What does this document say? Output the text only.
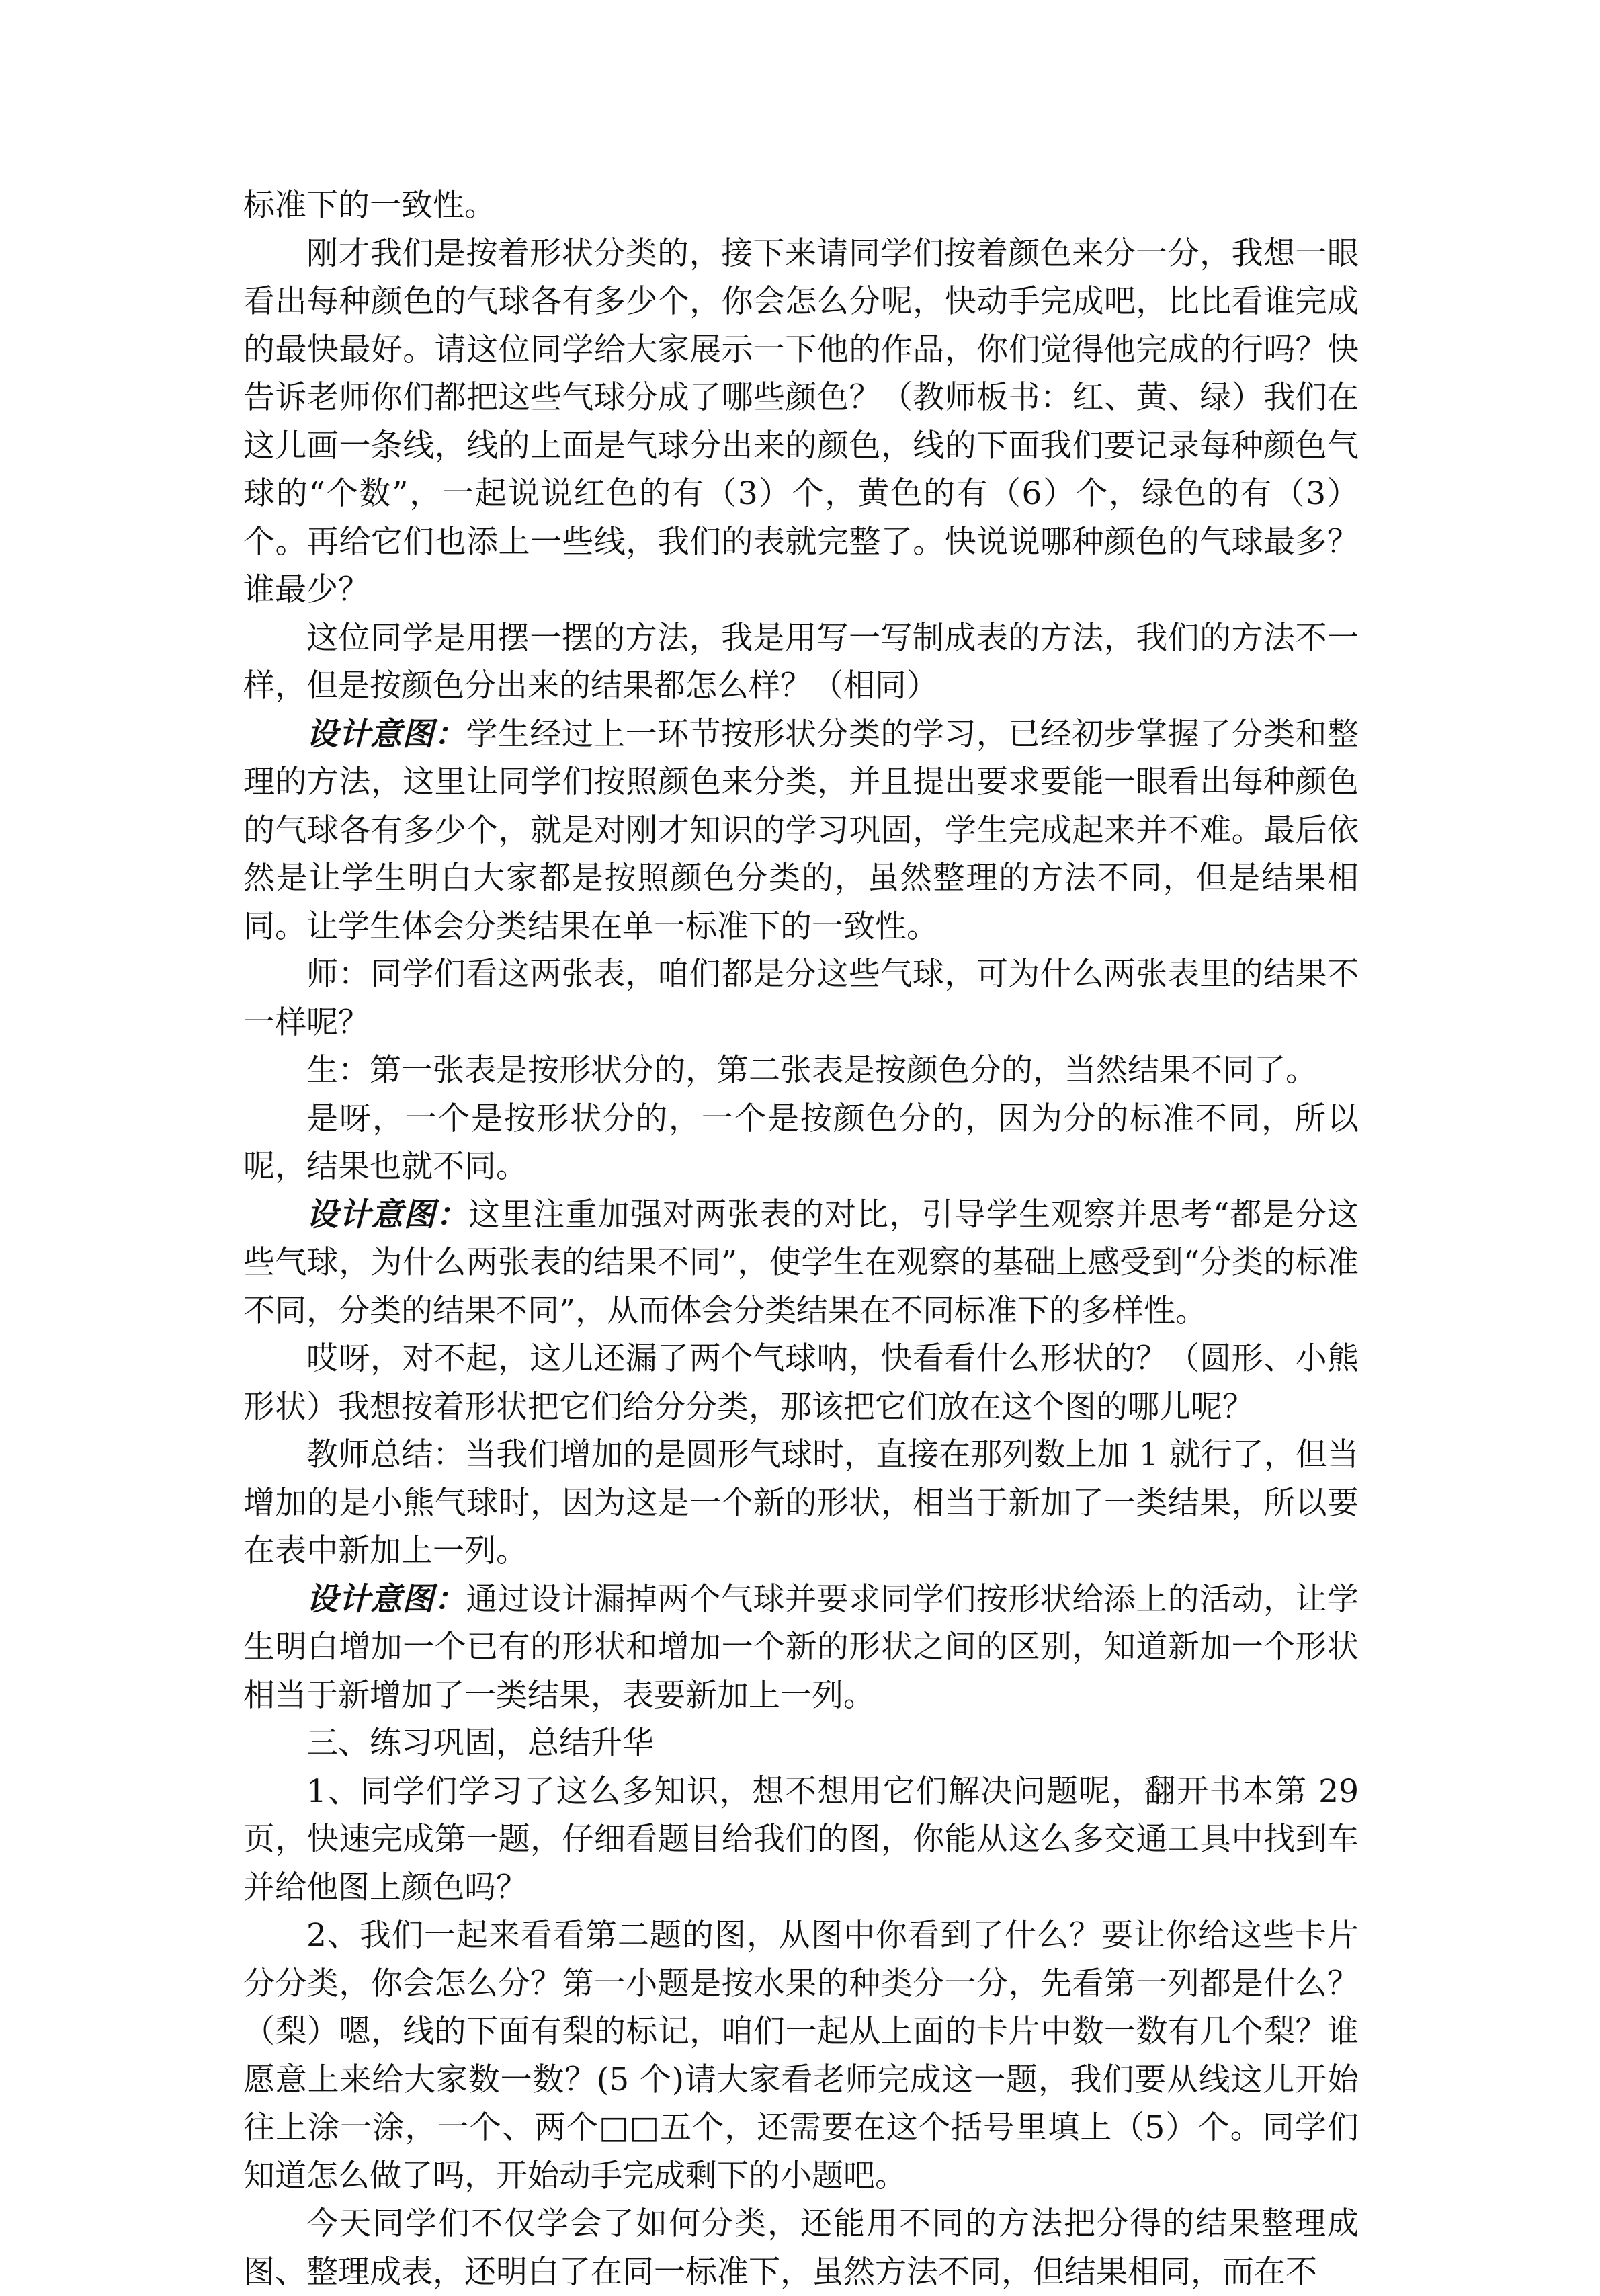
标准下的一致性。

刚才我们是按着形状分类的，接下来请同学们按着颜色来分一分，我想一眼看出每种颜色的气球各有多少个，你会怎么分呢，快动手完成吧，比比看谁完成的最快最好。请这位同学给大家展示一下他的作品，你们觉得他完成的行吗？快告诉老师你们都把这些气球分成了哪些颜色？（教师板书：红、黄、绿）我们在这儿画一条线，线的上面是气球分出来的颜色，线的下面我们要记录每种颜色气球的“个数”，一起说说红色的有（3）个，黄色的有（6）个，绿色的有（3）个。再给它们也添上一些线，我们的表就完整了。快说说哪种颜色的气球最多？谁最少？

这位同学是用摆一摆的方法，我是用写一写制成表的方法，我们的方法不一样，但是按颜色分出来的结果都怎么样？（相同）

设计意图：学生经过上一环节按形状分类的学习，已经初步掌握了分类和整理的方法，这里让同学们按照颜色来分类，并且提出要求要能一眼看出每种颜色的气球各有多少个，就是对刚才知识的学习巩固，学生完成起来并不难。最后依然是让学生明白大家都是按照颜色分类的，虽然整理的方法不同，但是结果相同。让学生体会分类结果在单一标准下的一致性。

师：同学们看这两张表，咱们都是分这些气球，可为什么两张表里的结果不一样呢？

生：第一张表是按形状分的，第二张表是按颜色分的，当然结果不同了。

是呀，一个是按形状分的，一个是按颜色分的，因为分的标准不同，所以呢，结果也就不同。

设计意图：这里注重加强对两张表的对比，引导学生观察并思考“都是分这些气球，为什么两张表的结果不同”，使学生在观察的基础上感受到“分类的标准不同，分类的结果不同”，从而体会分类结果在不同标准下的多样性。

哎呀，对不起，这儿还漏了两个气球呐，快看看什么形状的？（圆形、小熊形状）我想按着形状把它们给分分类，那该把它们放在这个图的哪儿呢？

教师总结：当我们增加的是圆形气球时，直接在那列数上加 1 就行了，但当增加的是小熊气球时，因为这是一个新的形状，相当于新加了一类结果，所以要在表中新加上一列。

设计意图：通过设计漏掉两个气球并要求同学们按形状给添上的活动，让学生明白增加一个已有的形状和增加一个新的形状之间的区别，知道新加一个形状相当于新增加了一类结果，表要新加上一列。

三、练习巩固，总结升华

1、同学们学习了这么多知识，想不想用它们解决问题呢，翻开书本第 29 页，快速完成第一题，仔细看题目给我们的图，你能从这么多交通工具中找到车并给他图上颜色吗？

2、我们一起来看看第二题的图，从图中你看到了什么？要让你给这些卡片分分类，你会怎么分？第一小题是按水果的种类分一分，先看第一列都是什么？（梨）嗯，线的下面有梨的标记，咱们一起从上面的卡片中数一数有几个梨？谁愿意上来给大家数一数？(5 个)请大家看老师完成这一题，我们要从线这儿开始往上涂一涂，一个、两个□□五个，还需要在这个括号里填上（5）个。同学们知道怎么做了吗，开始动手完成剩下的小题吧。

今天同学们不仅学会了如何分类，还能用不同的方法把分得的结果整理成图、整理成表，还明白了在同一标准下，虽然方法不同，但结果相同，而在不
